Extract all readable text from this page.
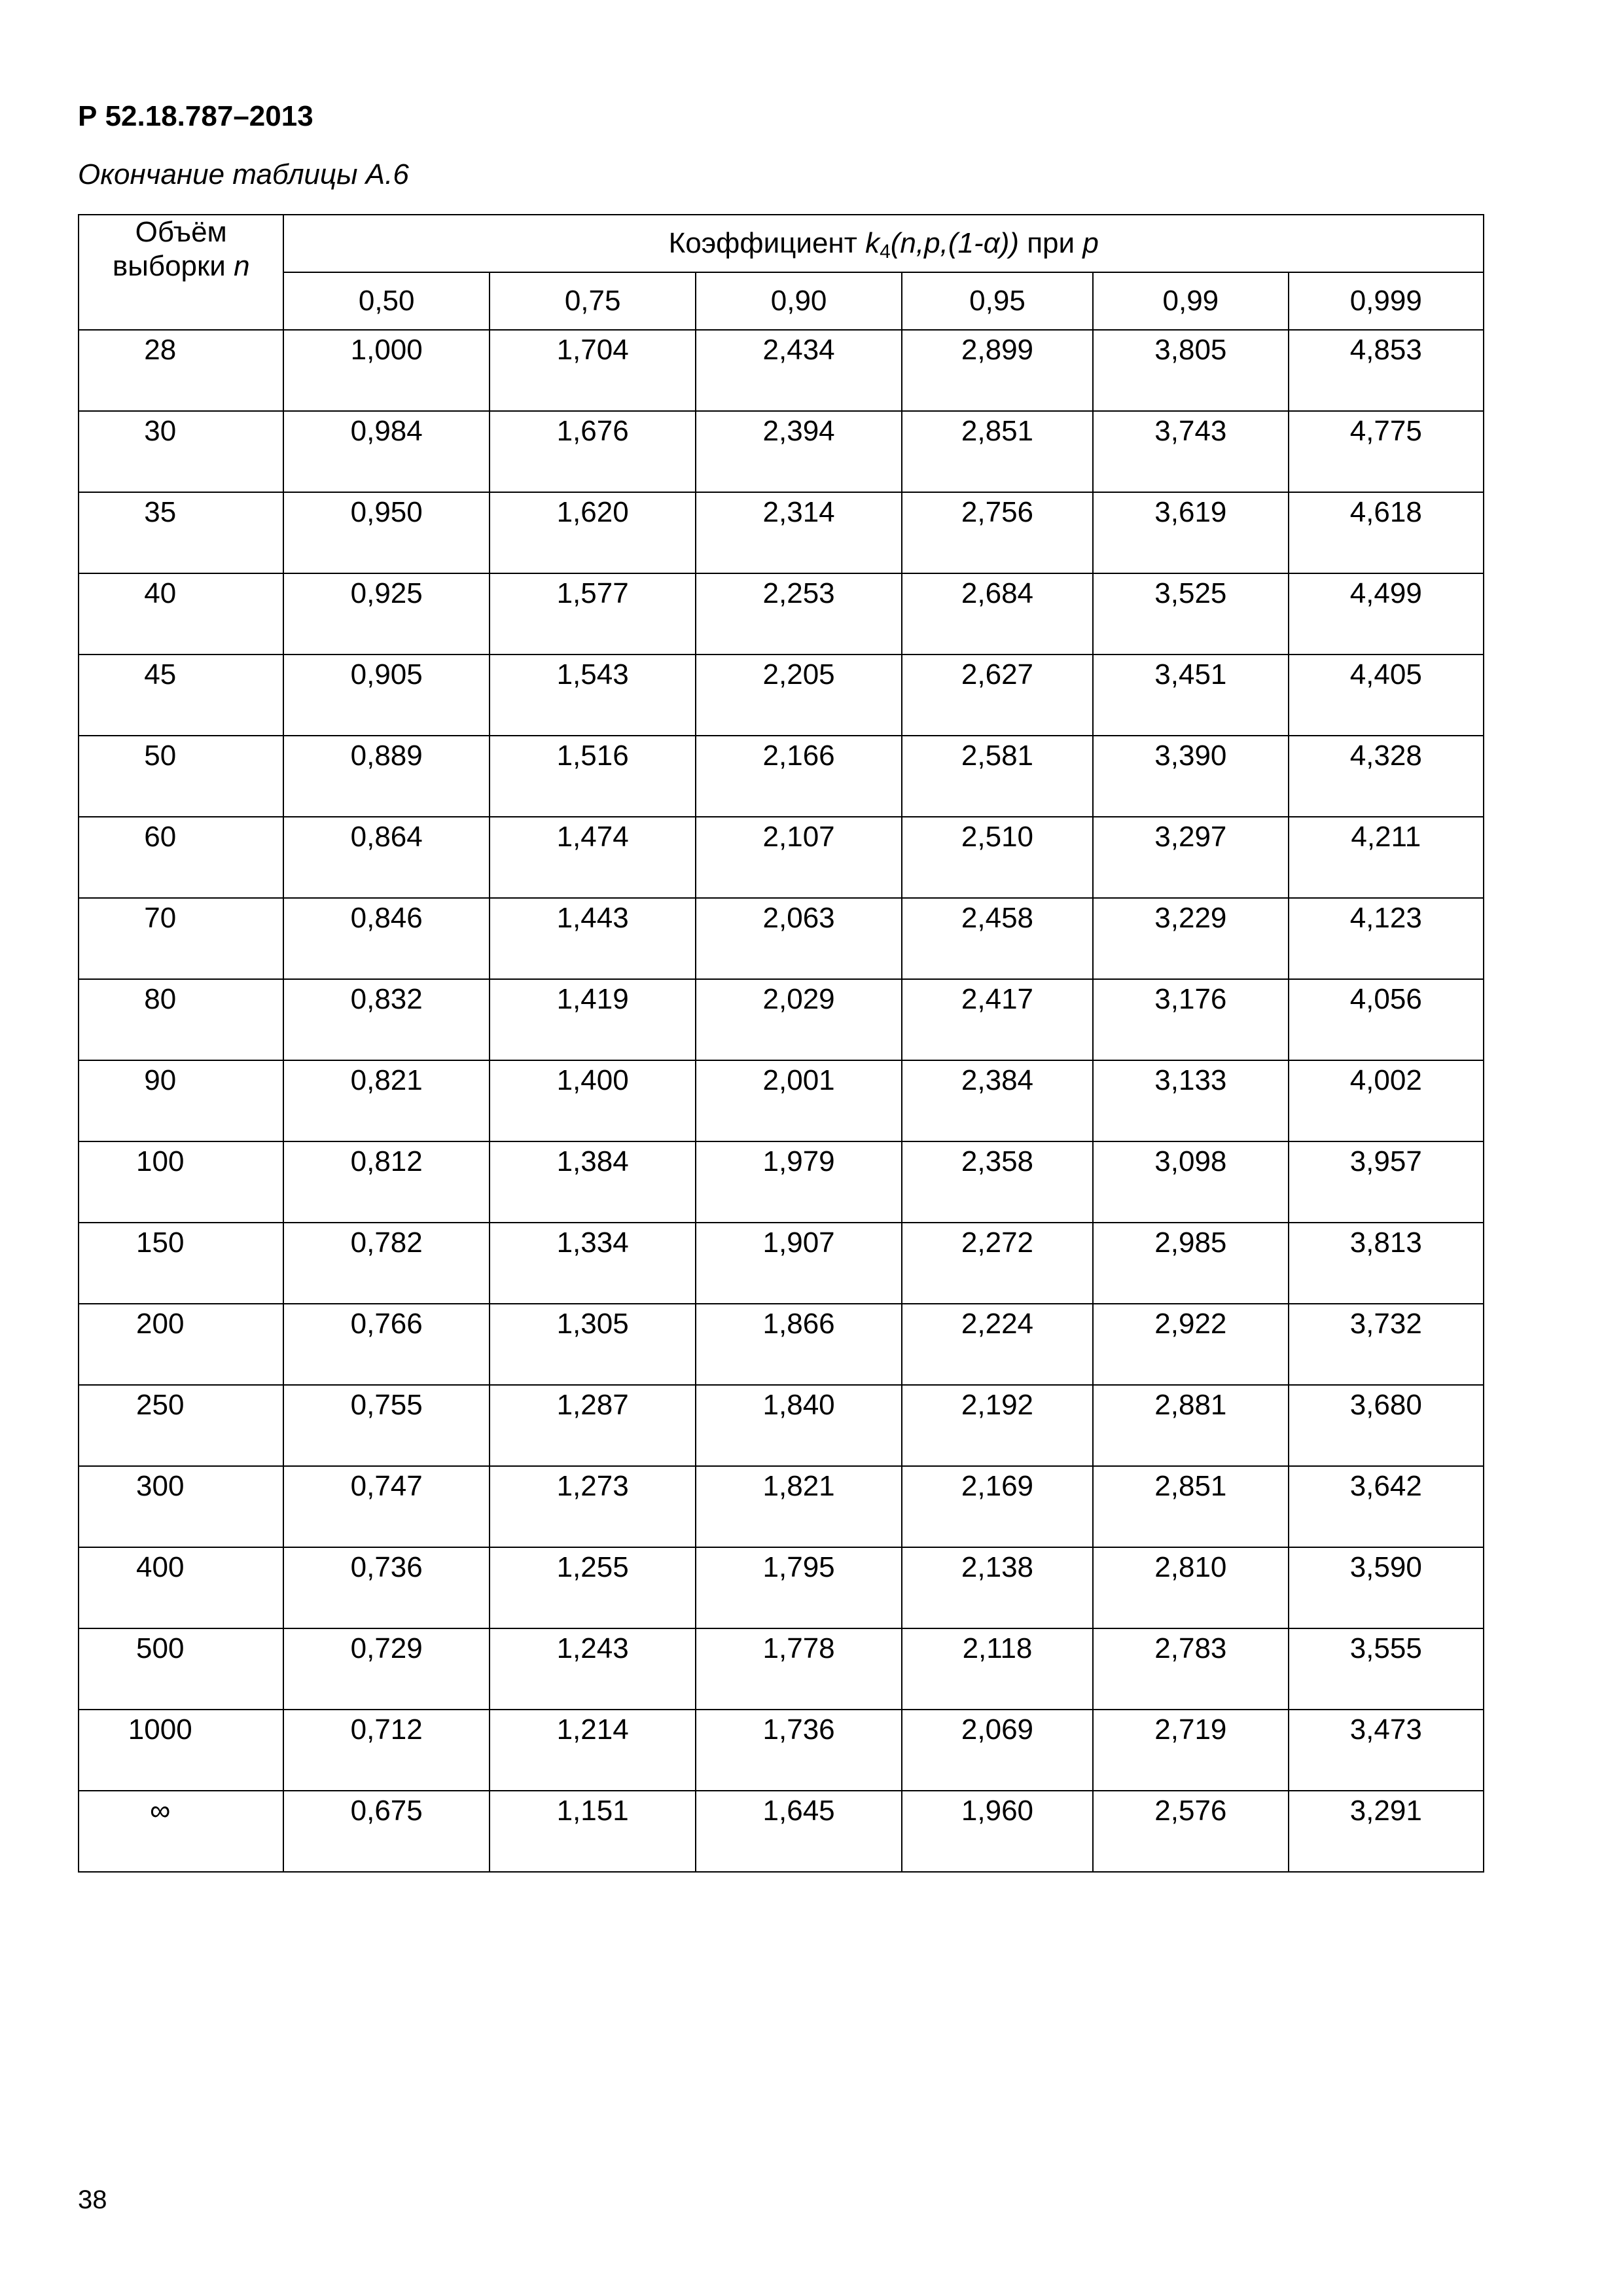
Р 52.18.787–2013
Окончание таблицы А.6
Объём
выборки n	Коэффициент $k_4(n,p,(1-\alpha))$ при p					
	0,50	0,75	0,90	0,95	0,99	0,999
28	1,000	1,704	2,434	2,899	3,805	4,853
30	0,984	1,676	2,394	2,851	3,743	4,775
35	0,950	1,620	2,314	2,756	3,619	4,618
40	0,925	1,577	2,253	2,684	3,525	4,499
45	0,905	1,543	2,205	2,627	3,451	4,405
50	0,889	1,516	2,166	2,581	3,390	4,328
60	0,864	1,474	2,107	2,510	3,297	4,211
70	0,846	1,443	2,063	2,458	3,229	4,123
80	0,832	1,419	2,029	2,417	3,176	4,056
90	0,821	1,400	2,001	2,384	3,133	4,002
100	0,812	1,384	1,979	2,358	3,098	3,957
150	0,782	1,334	1,907	2,272	2,985	3,813
200	0,766	1,305	1,866	2,224	2,922	3,732
250	0,755	1,287	1,840	2,192	2,881	3,680
300	0,747	1,273	1,821	2,169	2,851	3,642
400	0,736	1,255	1,795	2,138	2,810	3,590
500	0,729	1,243	1,778	2,118	2,783	3,555
1000	0,712	1,214	1,736	2,069	2,719	3,473
∞	0,675	1,151	1,645	1,960	2,576	3,291
38
